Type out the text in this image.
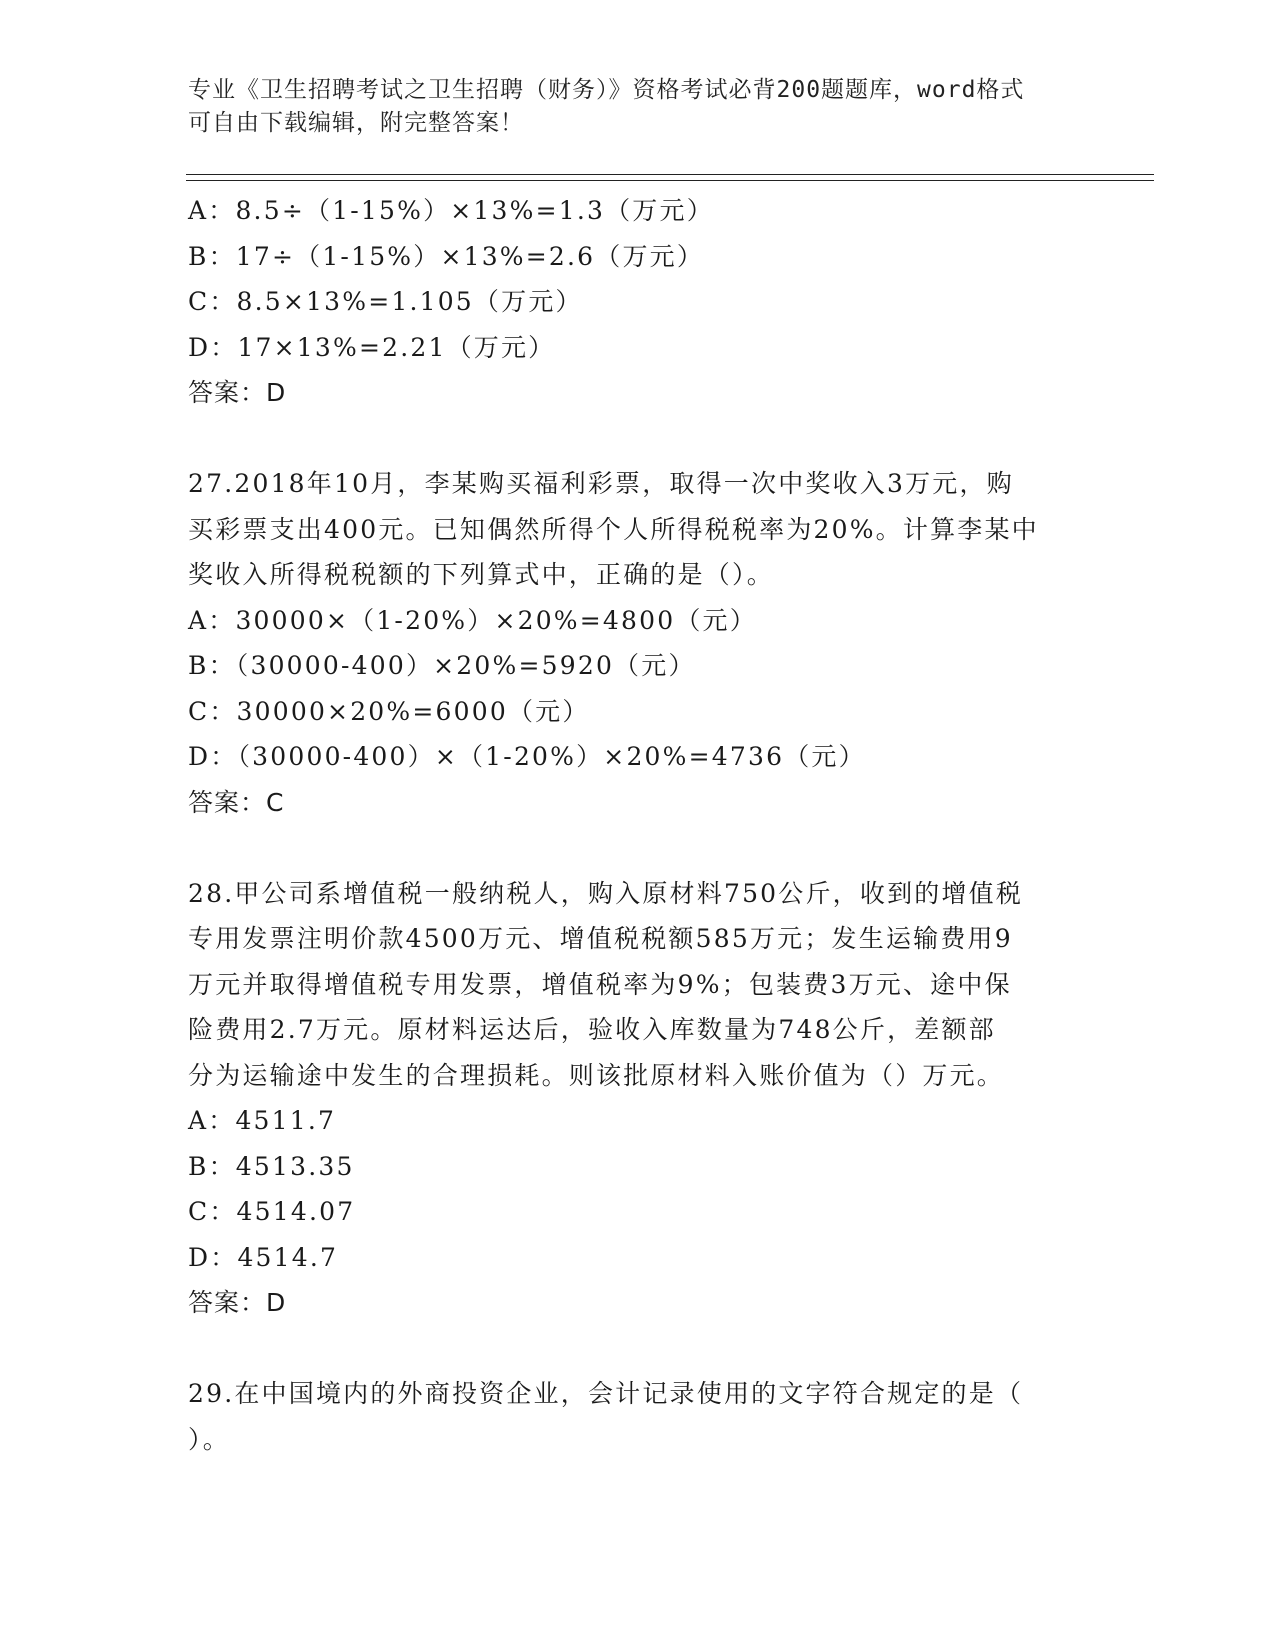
专业《卫生招聘考试之卫生招聘（财务）》资格考试必背200题题库，word格式
可自由下载编辑，附完整答案！
A：8.5÷（1-15%）×13%=1.3（万元）
B：17÷（1-15%）×13%=2.6（万元）
C：8.5×13%=1.105（万元）
D：17×13%=2.21（万元）
答案：D
27.2018年10月，李某购买福利彩票，取得一次中奖收入3万元，购
买彩票支出400元。已知偶然所得个人所得税税率为20%。计算李某中
奖收入所得税税额的下列算式中，正确的是（）。
A：30000×（1-20%）×20%=4800（元）
B：（30000-400）×20%=5920（元）
C：30000×20%=6000（元）
D：（30000-400）×（1-20%）×20%=4736（元）
答案：C
28.甲公司系增值税一般纳税人，购入原材料750公斤，收到的增值税
专用发票注明价款4500万元、增值税税额585万元；发生运输费用9
万元并取得增值税专用发票，增值税率为9%；包装费3万元、途中保
险费用2.7万元。原材料运达后，验收入库数量为748公斤，差额部
分为运输途中发生的合理损耗。则该批原材料入账价值为（）万元。
A：4511.7
B：4513.35
C：4514.07
D：4514.7
答案：D
29.在中国境内的外商投资企业，会计记录使用的文字符合规定的是（
）。
